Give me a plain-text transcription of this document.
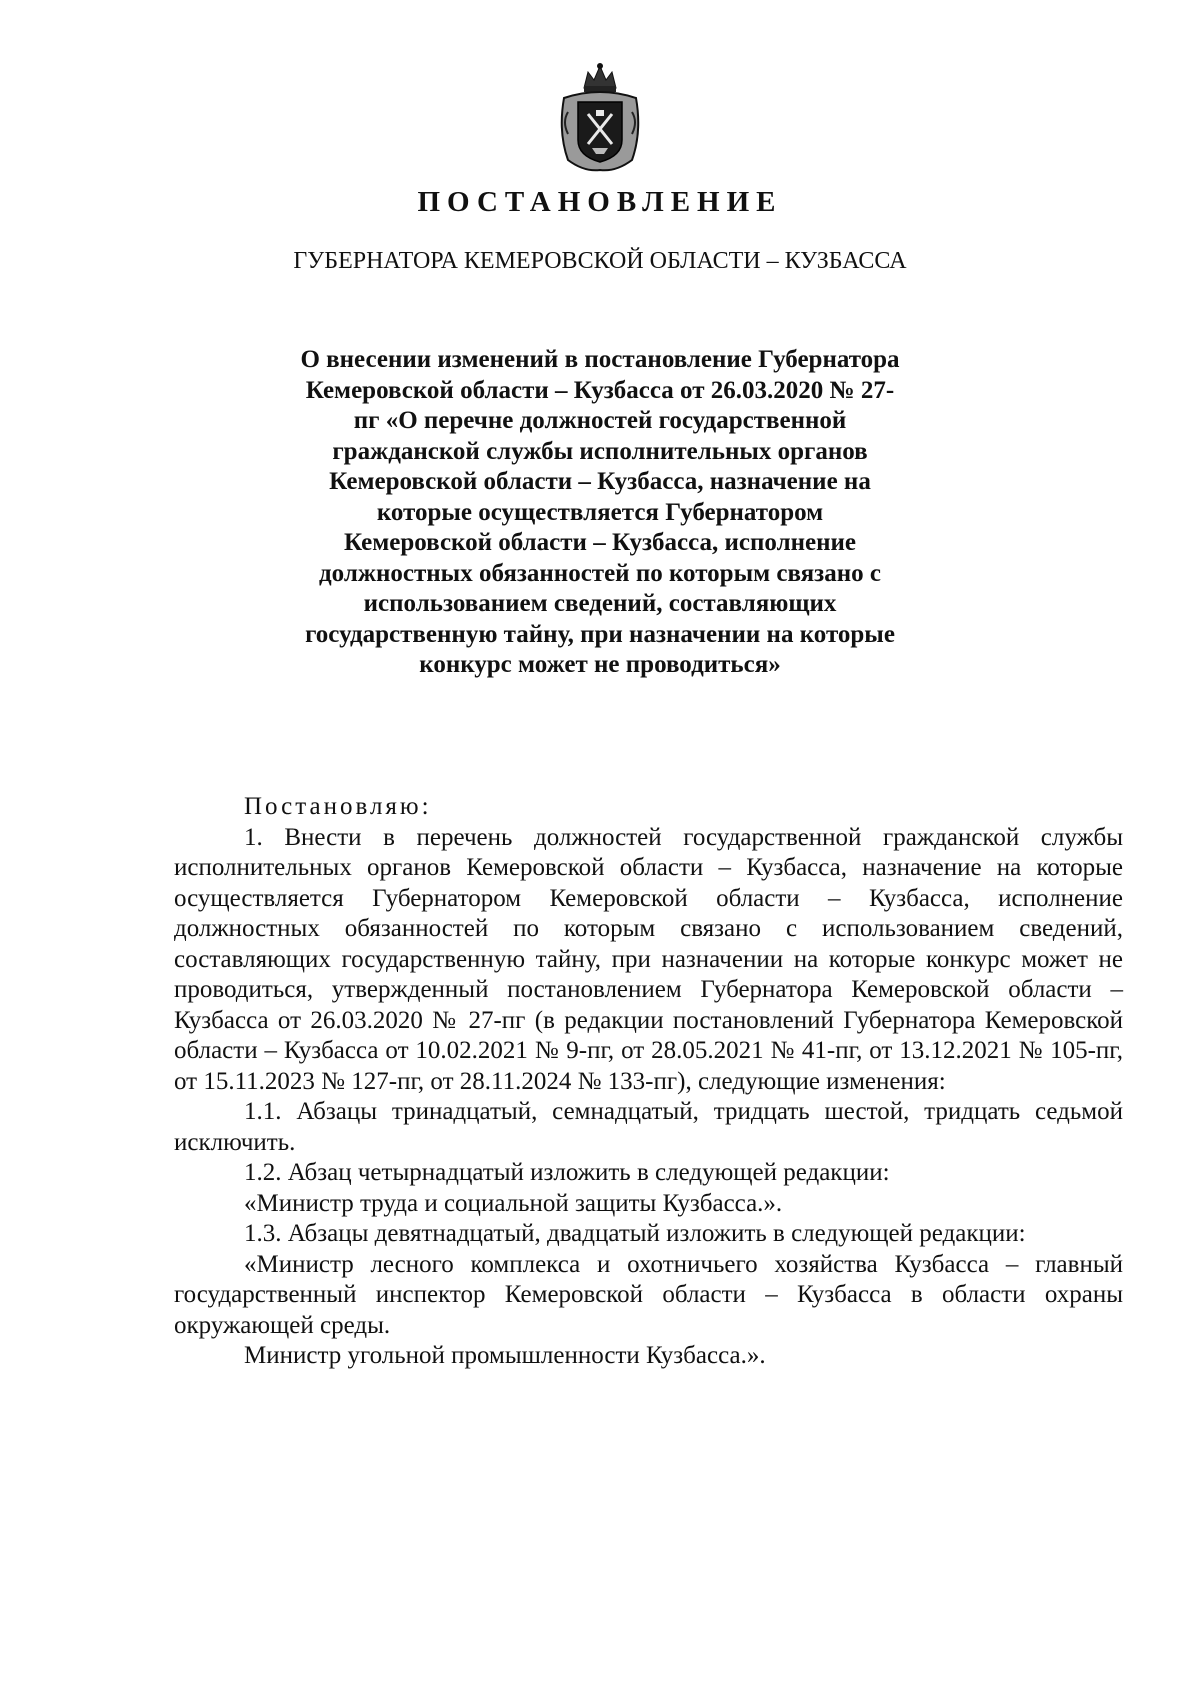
ПОСТАНОВЛЕНИЕ

ГУБЕРНАТОРА КЕМЕРОВСКОЙ ОБЛАСТИ – КУЗБАССА

О внесении изменений в постановление Губернатора Кемеровской области – Кузбасса от 26.03.2020 № 27-пг «О перечне должностей государственной гражданской службы исполнительных органов Кемеровской области – Кузбасса, назначение на которые осуществляется Губернатором Кемеровской области – Кузбасса, исполнение должностных обязанностей по которым связано с использованием сведений, составляющих государственную тайну, при назначении на которые конкурс может не проводиться»

Постановляю:

1. Внести в перечень должностей государственной гражданской службы исполнительных органов Кемеровской области – Кузбасса, назначение на которые осуществляется Губернатором Кемеровской области – Кузбасса, исполнение должностных обязанностей по которым связано с использованием сведений, составляющих государственную тайну, при назначении на которые конкурс может не проводиться, утвержденный постановлением Губернатора Кемеровской области – Кузбасса от 26.03.2020 № 27-пг (в редакции постановлений Губернатора Кемеровской области – Кузбасса от 10.02.2021 № 9-пг, от 28.05.2021 № 41-пг, от 13.12.2021 № 105-пг, от 15.11.2023 № 127-пг, от 28.11.2024 № 133-пг), следующие изменения:

1.1. Абзацы тринадцатый, семнадцатый, тридцать шестой, тридцать седьмой исключить.

1.2. Абзац четырнадцатый изложить в следующей редакции:

«Министр труда и социальной защиты Кузбасса.».

1.3. Абзацы девятнадцатый, двадцатый изложить в следующей редакции:

«Министр лесного комплекса и охотничьего хозяйства Кузбасса – главный государственный инспектор Кемеровской области – Кузбасса в области охраны окружающей среды.

Министр угольной промышленности Кузбасса.».
